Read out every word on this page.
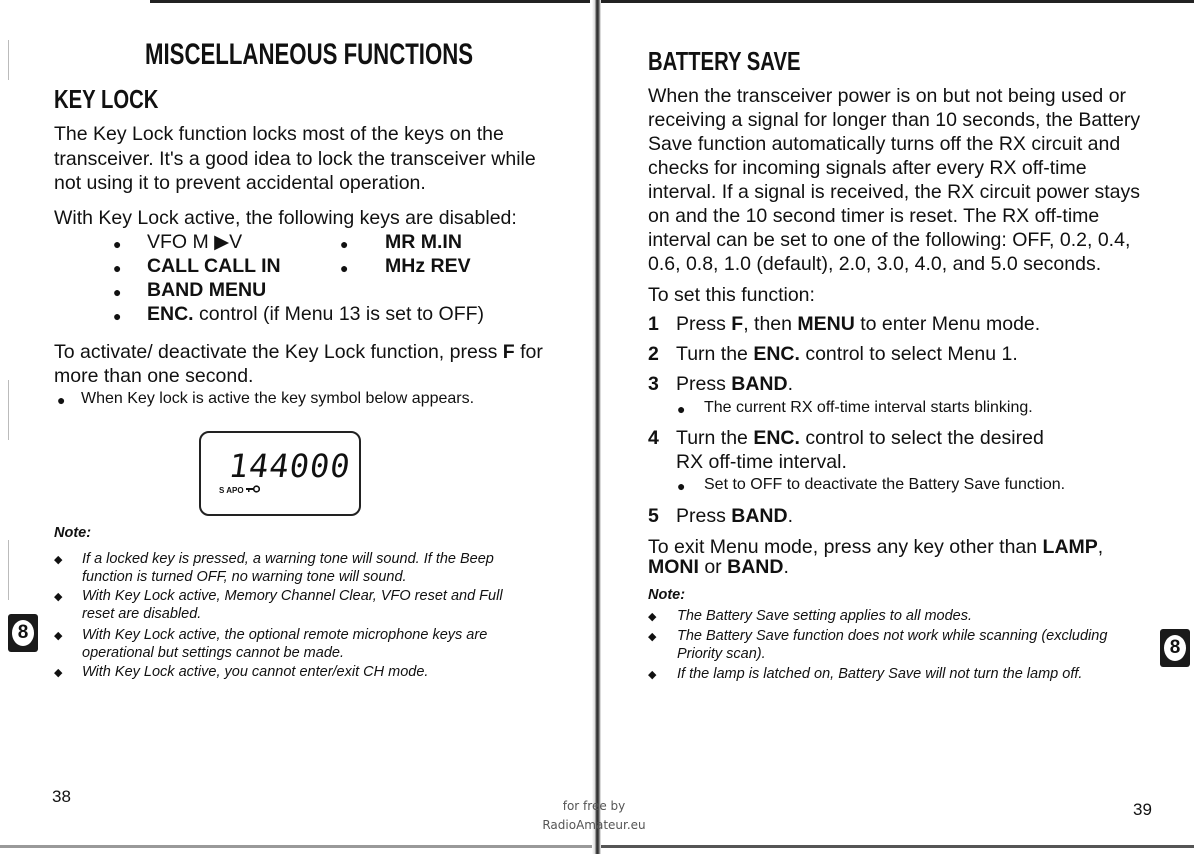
MISCELLANEOUS FUNCTIONS
KEY LOCK
The Key Lock function locks most of the keys on the
transceiver. It's a good idea to lock the transceiver while
not using it to prevent accidental operation.
With Key Lock active, the following keys are disabled:
● VFO M ▶V	● MR M.IN
● CALL CALL IN	● MHz REV
● BAND MENU
● ENC. control (if Menu 13 is set to OFF)
To activate/ deactivate the Key Lock function, press F for
more than one second.
● When Key lock is active the key symbol below appears.
144000
S APO
Note:
◆ If a locked key is pressed, a warning tone will sound. If the Beep
function is turned OFF, no warning tone will sound.
◆ With Key Lock active, Memory Channel Clear, VFO reset and Full
reset are disabled.
◆ With Key Lock active, the optional remote microphone keys are
operational but settings cannot be made.
◆ With Key Lock active, you cannot enter/exit CH mode.
8
38
BATTERY SAVE
When the transceiver power is on but not being used or
receiving a signal for longer than 10 seconds, the Battery
Save function automatically turns off the RX circuit and
checks for incoming signals after every RX off-time
interval. If a signal is received, the RX circuit power stays
on and the 10 second timer is reset. The RX off-time
interval can be set to one of the following: OFF, 0.2, 0.4,
0.6, 0.8, 1.0 (default), 2.0, 3.0, 4.0, and 5.0 seconds.
To set this function:
1 Press F, then MENU to enter Menu mode.
2 Turn the ENC. control to select Menu 1.
3 Press BAND.
● The current RX off-time interval starts blinking.
4 Turn the ENC. control to select the desired
RX off-time interval.
● Set to OFF to deactivate the Battery Save function.
5 Press BAND.
To exit Menu mode, press any key other than LAMP,
MONI or BAND.
Note:
◆ The Battery Save setting applies to all modes.
◆ The Battery Save function does not work while scanning (excluding
Priority scan).
◆ If the lamp is latched on, Battery Save will not turn the lamp off.
8
39
for free by
RadioAmateur.eu
